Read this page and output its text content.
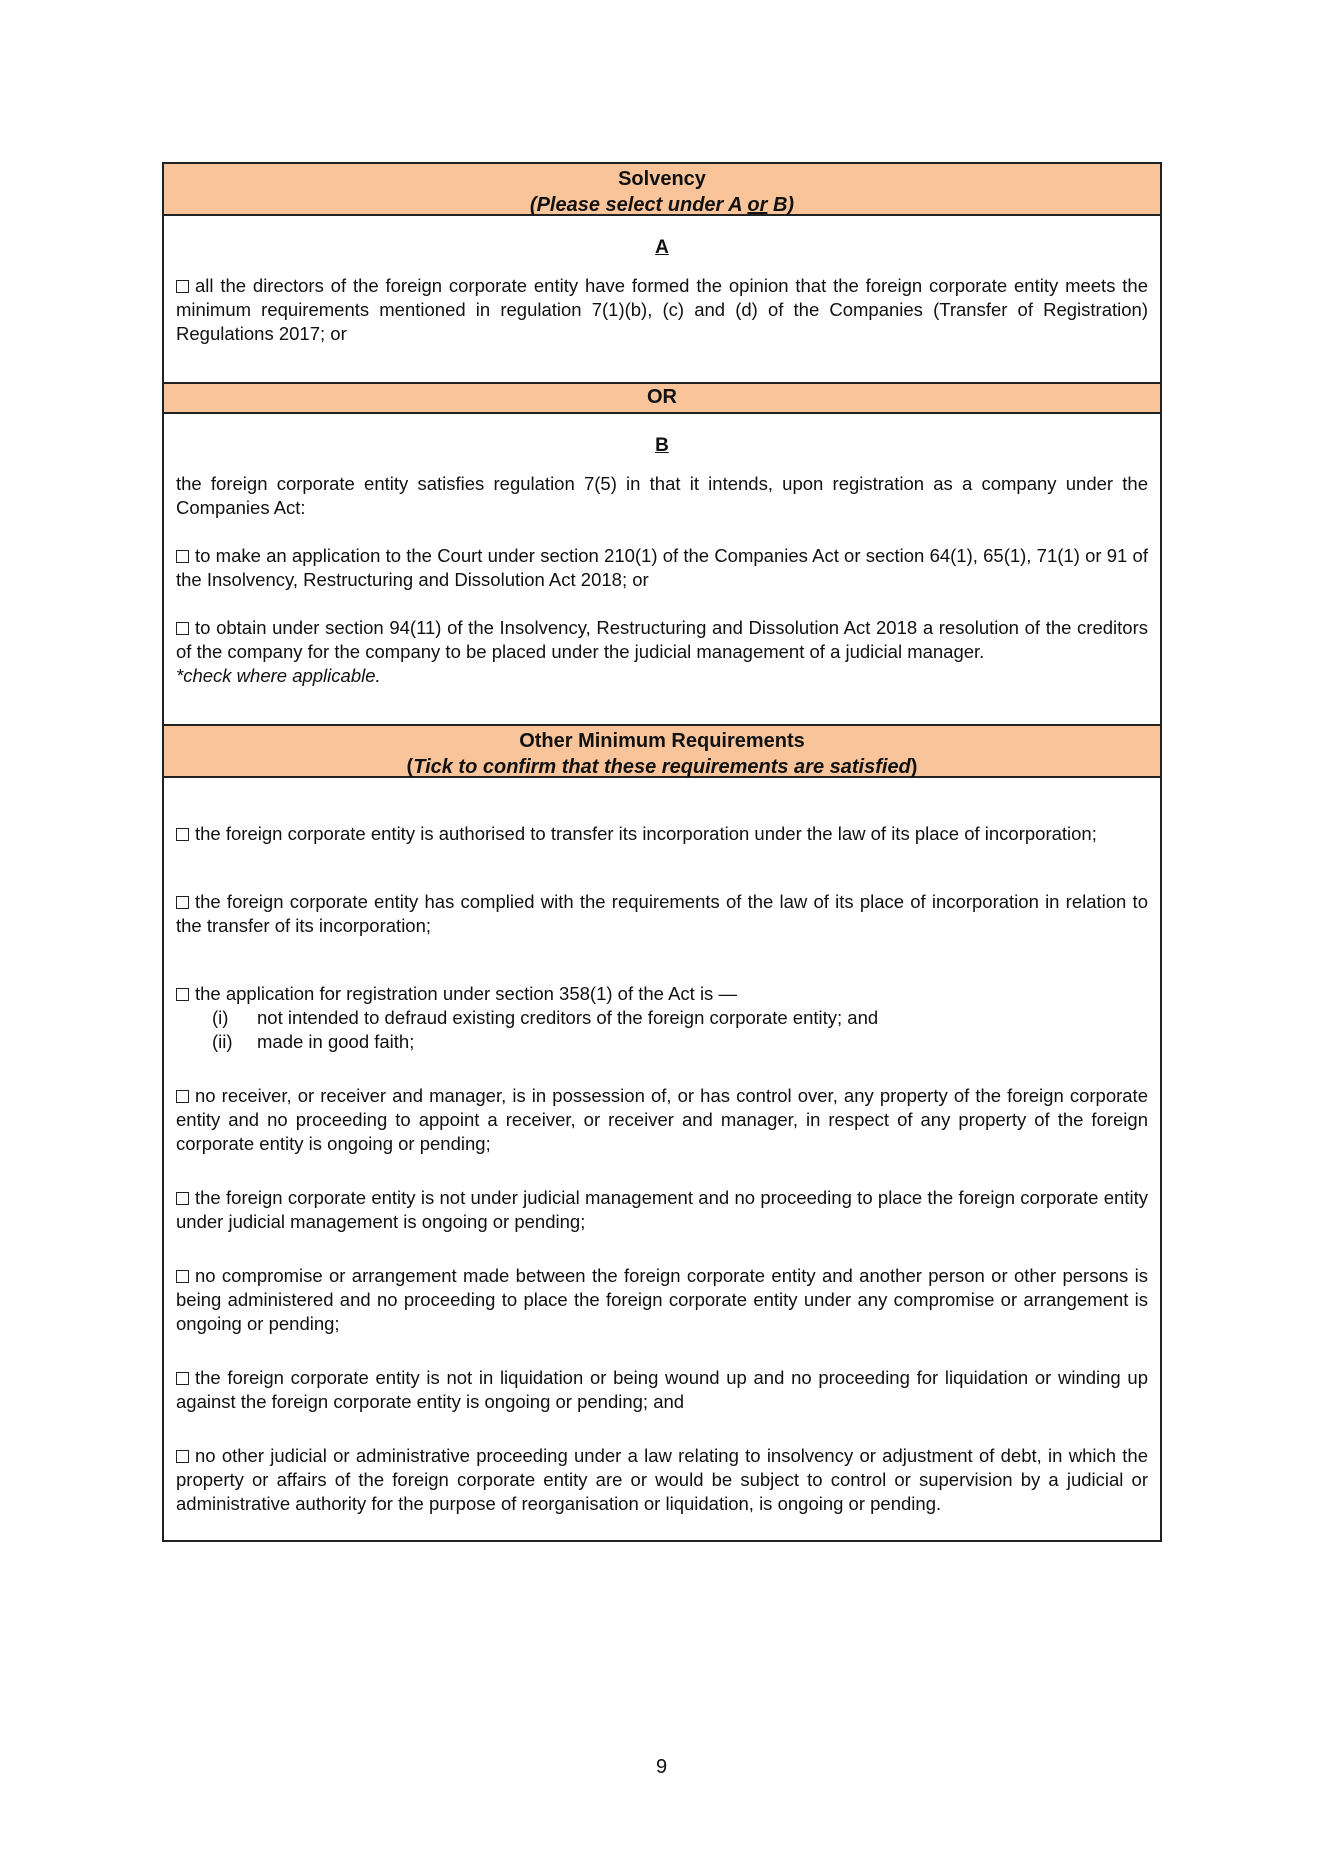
Solvency
(Please select under A or B)
A

all the directors of the foreign corporate entity have formed the opinion that the foreign corporate entity meets the minimum requirements mentioned in regulation 7(1)(b), (c) and (d) of the Companies (Transfer of Registration) Regulations 2017; or

OR
B

the foreign corporate entity satisfies regulation 7(5) in that it intends, upon registration as a company under the Companies Act:

to make an application to the Court under section 210(1) of the Companies Act or section 64(1), 65(1), 71(1) or 91 of the Insolvency, Restructuring and Dissolution Act 2018; or

to obtain under section 94(11) of the Insolvency, Restructuring and Dissolution Act 2018 a resolution of the creditors of the company for the company to be placed under the judicial management of a judicial manager.

*check where applicable.

Other Minimum Requirements
(Tick to confirm that these requirements are satisfied)

the foreign corporate entity is authorised to transfer its incorporation under the law of its place of incorporation;

the foreign corporate entity has complied with the requirements of the law of its place of incorporation in relation to the transfer of its incorporation;

the application for registration under section 358(1) of the Act is —

(i)	not intended to defraud existing creditors of the foreign corporate entity; and
(ii)	made in good faith;

no receiver, or receiver and manager, is in possession of, or has control over, any property of the foreign corporate entity and no proceeding to appoint a receiver, or receiver and manager, in respect of any property of the foreign corporate entity is ongoing or pending;

the foreign corporate entity is not under judicial management and no proceeding to place the foreign corporate entity under judicial management is ongoing or pending;

no compromise or arrangement made between the foreign corporate entity and another person or other persons is being administered and no proceeding to place the foreign corporate entity under any compromise or arrangement is ongoing or pending;

the foreign corporate entity is not in liquidation or being wound up and no proceeding for liquidation or winding up against the foreign corporate entity is ongoing or pending; and

no other judicial or administrative proceeding under a law relating to insolvency or adjustment of debt, in which the property or affairs of the foreign corporate entity are or would be subject to control or supervision by a judicial or administrative authority for the purpose of reorganisation or liquidation, is ongoing or pending.

9
